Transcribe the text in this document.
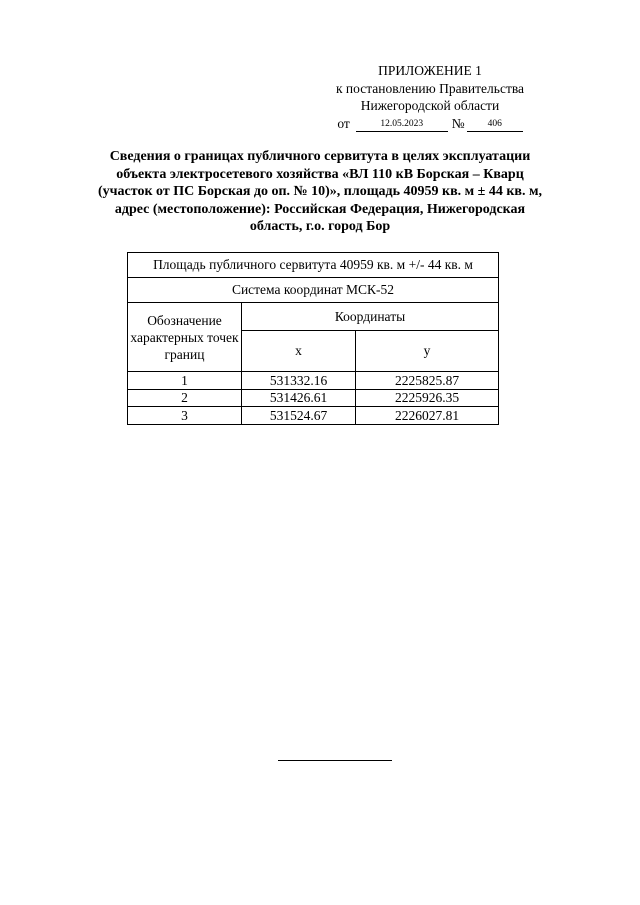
ПРИЛОЖЕНИЕ 1
к постановлению Правительства
Нижегородской области
от	12.05.2023	№	406
Сведения о границах публичного сервитута в целях эксплуатации
объекта электросетевого хозяйства «ВЛ 110 кВ Борская – Кварц
(участок от ПС Борская до оп. № 10)», площадь 40959 кв. м ± 44 кв. м,
адрес (местоположение): Российская Федерация, Нижегородская
область, г.о. город Бор
Площадь публичного сервитута 40959 кв. м +/- 44 кв. м		
Система координат МСК-52		
Обозначение характерных точек границ	Координаты	
	x	y
1	531332.16	2225825.87
2	531426.61	2225926.35
3	531524.67	2226027.81
